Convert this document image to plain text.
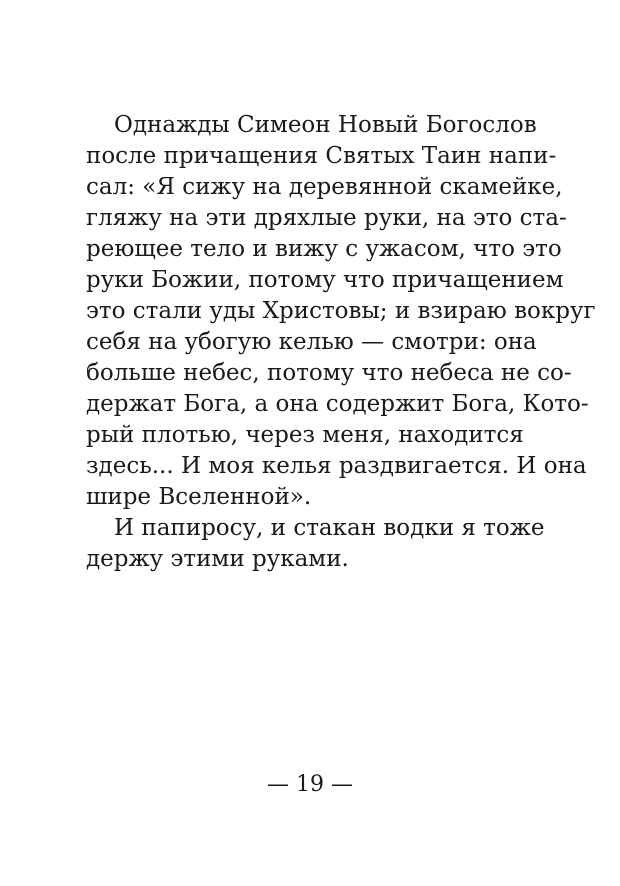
Однажды Симеон Новый Богослов
после причащения Святых Таин напи-
сал: «Я сижу на деревянной скамейке,
гляжу на эти дряхлые руки, на это ста-
реющее тело и вижу с ужасом, что это
руки Божии, потому что причащением
это стали уды Христовы; и взираю вокруг
себя на убогую келью — смотри: она
больше небес, потому что небеса не со-
держат Бога, а она содержит Бога, Кото-
рый плотью, через меня, находится
здесь... И моя келья раздвигается. И она
шире Вселенной».
И папиросу, и стакан водки я тоже
держу этими руками.
— 19 —
